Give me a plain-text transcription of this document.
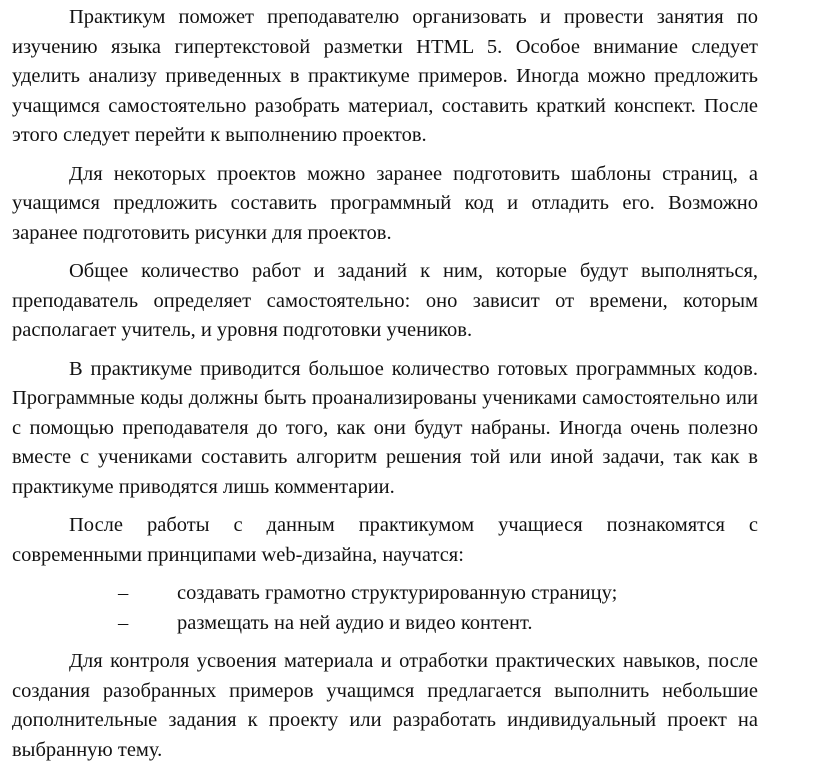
Практикум поможет преподавателю организовать и провести занятия по изучению языка гипертекстовой разметки HTML 5. Особое внимание следует уделить анализу приведенных в практикуме примеров. Иногда можно предложить учащимся самостоятельно разобрать материал, составить краткий конспект. После этого следует перейти к выполнению проектов.

Для некоторых проектов можно заранее подготовить шаблоны страниц, а учащимся предложить составить программный код и отладить его. Возможно заранее подготовить рисунки для проектов.

Общее количество работ и заданий к ним, которые будут выполняться, преподаватель определяет самостоятельно: оно зависит от времени, которым располагает учитель, и уровня подготовки учеников.

В практикуме приводится большое количество готовых программных кодов. Программные коды должны быть проанализированы учениками самостоятельно или с помощью преподавателя до того, как они будут набраны. Иногда очень полезно вместе с учениками составить алгоритм решения той или иной задачи, так как в практикуме приводятся лишь комментарии.

После работы с данным практикумом учащиеся познакомятся с современными принципами web-дизайна, научатся:

– создавать грамотно структурированную страницу;
– размещать на ней аудио и видео контент.

Для контроля усвоения материала и отработки практических навыков, после создания разобранных примеров учащимся предлагается выполнить небольшие дополнительные задания к проекту или разработать индивидуальный проект на выбранную тему.
